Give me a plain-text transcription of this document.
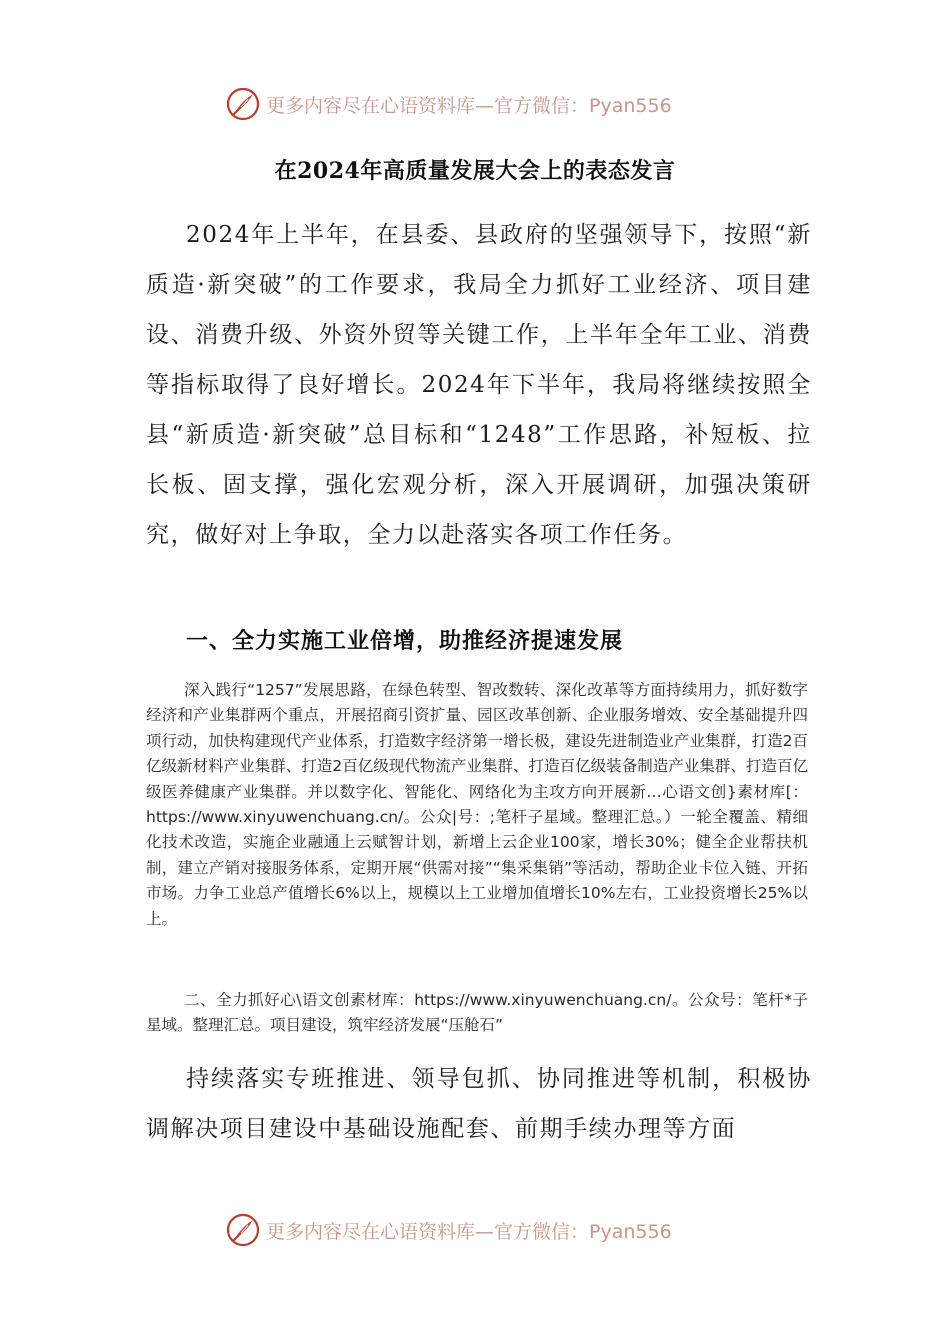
更多内容尽在心语资料库—官方微信：Pyan556
在2024年高质量发展大会上的表态发言

2024年上半年，在县委、县政府的坚强领导下，按照“新质造·新突破”的工作要求，我局全力抓好工业经济、项目建设、消费升级、外资外贸等关键工作，上半年全年工业、消费等指标取得了良好增长。2024年下半年，我局将继续按照全县“新质造·新突破”总目标和“1248”工作思路，补短板、拉长板、固支撑，强化宏观分析，深入开展调研，加强决策研究，做好对上争取，全力以赴落实各项工作任务。

一、全力实施工业倍增，助推经济提速发展

深入践行“1257”发展思路，在绿色转型、智改数转、深化改革等方面持续用力，抓好数字经济和产业集群两个重点，开展招商引资扩量、园区改革创新、企业服务增效、安全基础提升四项行动，加快构建现代产业体系，打造数字经济第一增长极，建设先进制造业产业集群，打造2百亿级新材料产业集群、打造2百亿级现代物流产业集群、打造百亿级装备制造产业集群、打造百亿级医养健康产业集群。并以数字化、智能化、网络化为主攻方向开展新…心语文创}素材库[：https://www.xinyuwenchuang.cn/。公众|号：;笔杆子星域。整理汇总。）一轮全覆盖、精细化技术改造，实施企业融通上云赋智计划，新增上云企业100家，增长30%；健全企业帮扶机制，建立产销对接服务体系，定期开展“供需对接”“集采集销”等活动，帮助企业卡位入链、开拓市场。力争工业总产值增长6%以上，规模以上工业增加值增长10%左右，工业投资增长25%以上。

二、全力抓好心\语文创素材库：https://www.xinyuwenchuang.cn/。公众号：笔杆*子星域。整理汇总。项目建设，筑牢经济发展“压舱石”

持续落实专班推进、领导包抓、协同推进等机制，积极协调解决项目建设中基础设施配套、前期手续办理等方面

更多内容尽在心语资料库—官方微信：Pyan556
